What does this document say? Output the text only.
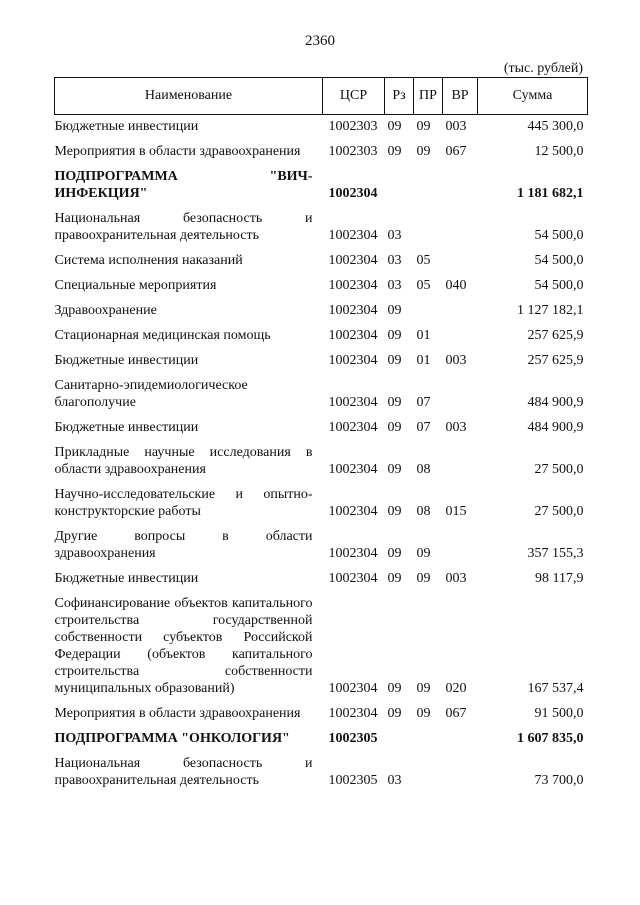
2360
(тыс. рублей)
Наименование	ЦСР	Рз	ПР	ВР	Сумма
Бюджетные инвестиции	1002303	09	09	003	445 300,0
Мероприятия в области здравоохранения	1002303	09	09	067	12 500,0
ПОДПРОГРАММА "ВИЧ-ИНФЕКЦИЯ"	1002304				1 181 682,1
Национальная безопасность и правоохранительная деятельность	1002304	03			54 500,0
Система исполнения наказаний	1002304	03	05		54 500,0
Специальные мероприятия	1002304	03	05	040	54 500,0
Здравоохранение	1002304	09			1 127 182,1
Стационарная медицинская помощь	1002304	09	01		257 625,9
Бюджетные инвестиции	1002304	09	01	003	257 625,9
Санитарно-эпидемиологическое благополучие	1002304	09	07		484 900,9
Бюджетные инвестиции	1002304	09	07	003	484 900,9
Прикладные научные исследования в области здравоохранения	1002304	09	08		27 500,0
Научно-исследовательские и опытно-конструкторские работы	1002304	09	08	015	27 500,0
Другие вопросы в области здравоохранения	1002304	09	09		357 155,3
Бюджетные инвестиции	1002304	09	09	003	98 117,9
Софинансирование объектов капитального строительства государственной собственности субъектов Российской Федерации (объектов капитального строительства собственности муниципальных образований)	1002304	09	09	020	167 537,4
Мероприятия в области здравоохранения	1002304	09	09	067	91 500,0
ПОДПРОГРАММА "ОНКОЛОГИЯ"	1002305				1 607 835,0
Национальная безопасность и правоохранительная деятельность	1002305	03			73 700,0
